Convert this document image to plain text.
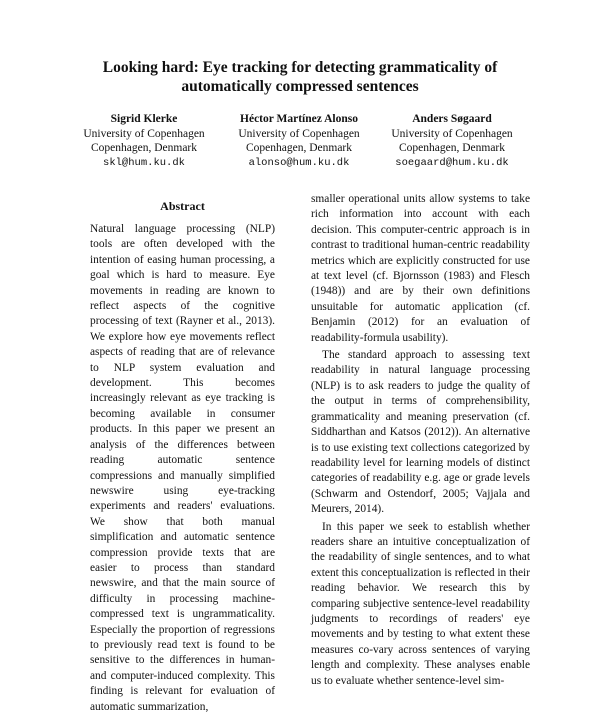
Looking hard: Eye tracking for detecting grammaticality of automatically compressed sentences
Sigrid Klerke
University of Copenhagen
Copenhagen, Denmark
skl@hum.ku.dk
Héctor Martínez Alonso
University of Copenhagen
Copenhagen, Denmark
alonso@hum.ku.dk
Anders Søgaard
University of Copenhagen
Copenhagen, Denmark
soegaard@hum.ku.dk
Abstract

Natural language processing (NLP) tools are often developed with the intention of easing human processing, a goal which is hard to measure. Eye movements in reading are known to reflect aspects of the cognitive processing of text (Rayner et al., 2013). We explore how eye movements reflect aspects of reading that are of relevance to NLP system evaluation and development. This becomes increasingly relevant as eye tracking is becoming available in consumer products. In this paper we present an analysis of the differences between reading automatic sentence compressions and manually simplified newswire using eye-tracking experiments and readers' evaluations. We show that both manual simplification and automatic sentence compression provide texts that are easier to process than standard newswire, and that the main source of difficulty in processing machine-compressed text is ungrammaticality. Especially the proportion of regressions to previously read text is found to be sensitive to the differences in human- and computer-induced complexity. This finding is relevant for evaluation of automatic summarization,

smaller operational units allow systems to take rich information into account with each decision. This computer-centric approach is in contrast to traditional human-centric readability metrics which are explicitly constructed for use at text level (cf. Bjornsson (1983) and Flesch (1948)) and are by their own definitions unsuitable for automatic application (cf. Benjamin (2012) for an evaluation of readability-formula usability).

The standard approach to assessing text readability in natural language processing (NLP) is to ask readers to judge the quality of the output in terms of comprehensibility, grammaticality and meaning preservation (cf. Siddharthan and Katsos (2012)). An alternative is to use existing text collections categorized by readability level for learning models of distinct categories of readability e.g. age or grade levels (Schwarm and Ostendorf, 2005; Vajjala and Meurers, 2014).

In this paper we seek to establish whether readers share an intuitive conceptualization of the readability of single sentences, and to what extent this conceptualization is reflected in their reading behavior. We research this by comparing subjective sentence-level readability judgments to recordings of readers' eye movements and by testing to what extent these measures co-vary across sentences of varying length and complexity. These analyses enable us to evaluate whether sentence-level sim-
